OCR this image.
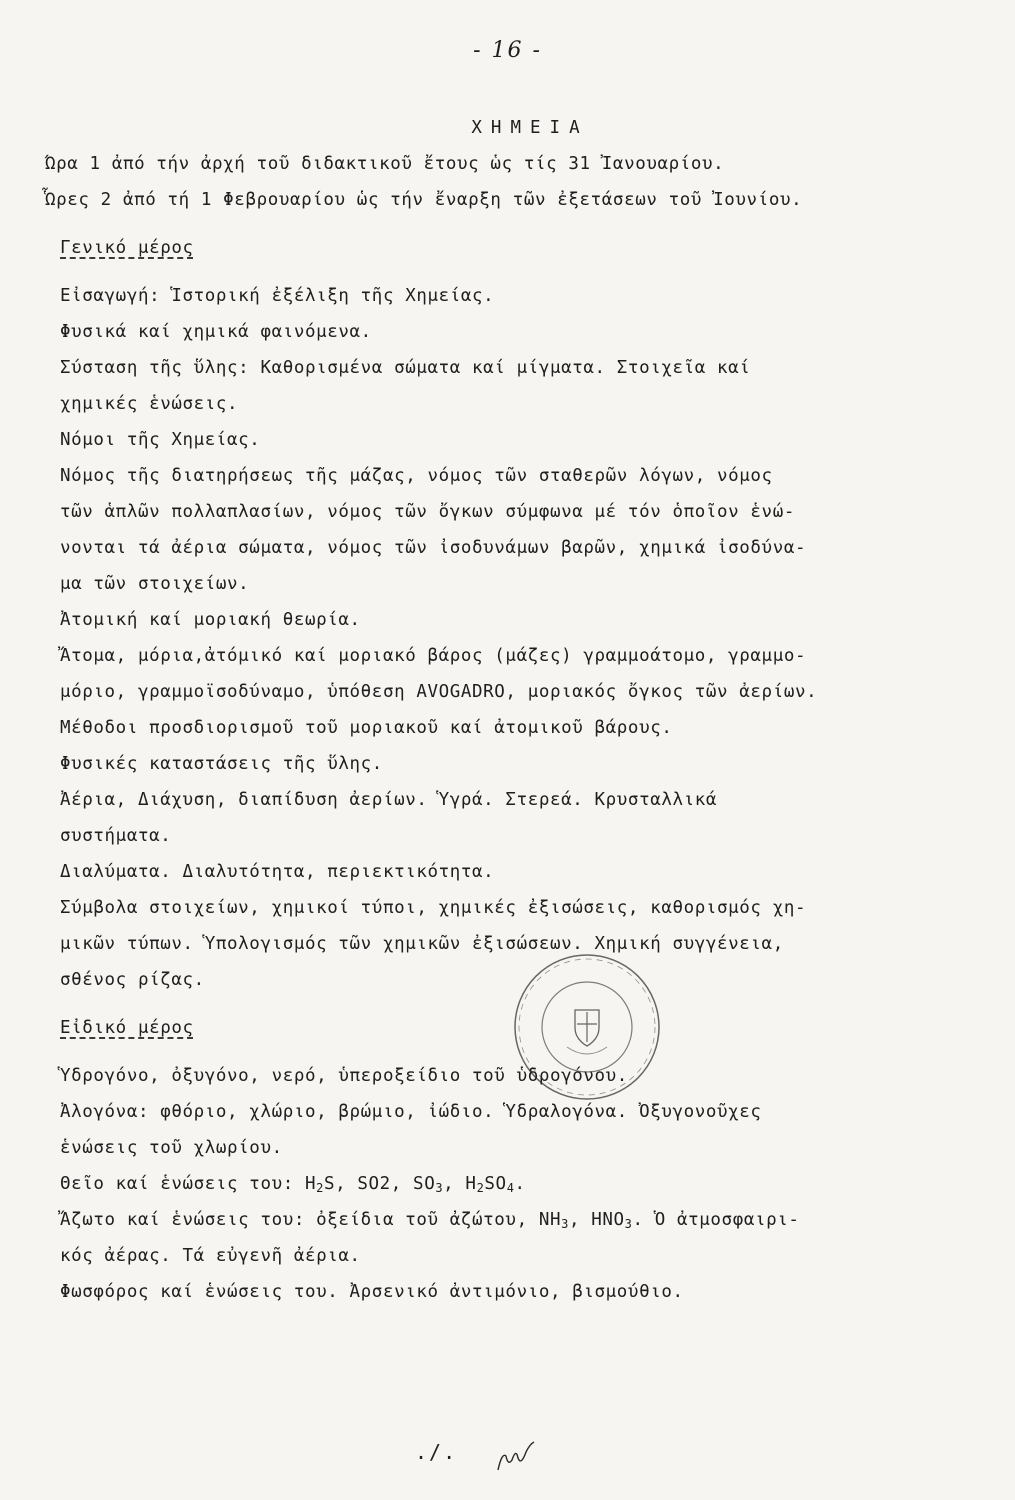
- 16 -
ΧΗΜΕΙΑ
Ώρα 1 ἀπό τήν ἀρχή τοῦ διδακτικοῦ ἔτους ὡς τίς 31 Ἰανουαρίου.
Ὧρες 2 ἀπό τή 1 Φεβρουαρίου ὡς τήν ἔναρξη τῶν ἐξετάσεων τοῦ Ἰουνίου.
Γενικό μέρος
Εἰσαγωγή: Ἱστορική ἐξέλιξη τῆς Χημείας.
Φυσικά καί χημικά φαινόμενα.
Σύσταση τῆς ὕλης: Καθορισμένα σώματα καί μίγματα. Στοιχεῖα καί
χημικές ἑνώσεις.
Νόμοι τῆς Χημείας.
Νόμος τῆς διατηρήσεως τῆς μάζας, νόμος τῶν σταθερῶν λόγων, νόμος
τῶν ἁπλῶν πολλαπλασίων, νόμος τῶν ὄγκων σύμφωνα μέ τόν ὁποῖον ἑνώ-
νονται τά ἀέρια σώματα, νόμος τῶν ἰσοδυνάμων βαρῶν, χημικά ἰσοδύνα-
μα τῶν στοιχείων.
Ἀτομική καί μοριακή θεωρία.
Ἄτομα, μόρια,ἀτόμικό καί μοριακό βάρος (μάζες) γραμμοάτομο, γραμμο-
μόριο, γραμμοϊσοδύναμο, ὑπόθεση AVOGADRO, μοριακός ὄγκος τῶν ἀερίων.
Μέθοδοι προσδιορισμοῦ τοῦ μοριακοῦ καί ἀτομικοῦ βάρους.
Φυσικές καταστάσεις τῆς ὕλης.
Ἀέρια, Διάχυση, διαπίδυση ἀερίων. Ὑγρά. Στερεά. Κρυσταλλικά
συστήματα.
Διαλύματα. Διαλυτότητα, περιεκτικότητα.
Σύμβολα στοιχείων, χημικοί τύποι, χημικές ἐξισώσεις, καθορισμός χη-
μικῶν τύπων. Ὑπολογισμός τῶν χημικῶν ἐξισώσεων. Χημική συγγένεια,
σθένος ρίζας.
Εἰδικό μέρος
Ὑδρογόνο, ὀξυγόνο, νερό, ὑπεροξείδιο τοῦ ὑδρογόνου.
Ἀλογόνα: φθόριο, χλώριο, βρώμιο, ἰώδιο. Ὑδραλογόνα. Ὀξυγονοῦχες
ἑνώσεις τοῦ χλωρίου.
Θεῖο καί ἑνώσεις του: $H_2S$, SO2, $SO_3$, $H_2SO_4$.
Ἄζωτο καί ἑνώσεις του: ὀξείδια τοῦ ἀζώτου, $NH_3$, $HNO_3$. Ὁ ἀτμοσφαιρι-
κός ἀέρας. Τά εὐγενῆ ἀέρια.
Φωσφόρος καί ἑνώσεις του. Ἀρσενικό ἀντιμόνιο, βισμούθιο.
./.
